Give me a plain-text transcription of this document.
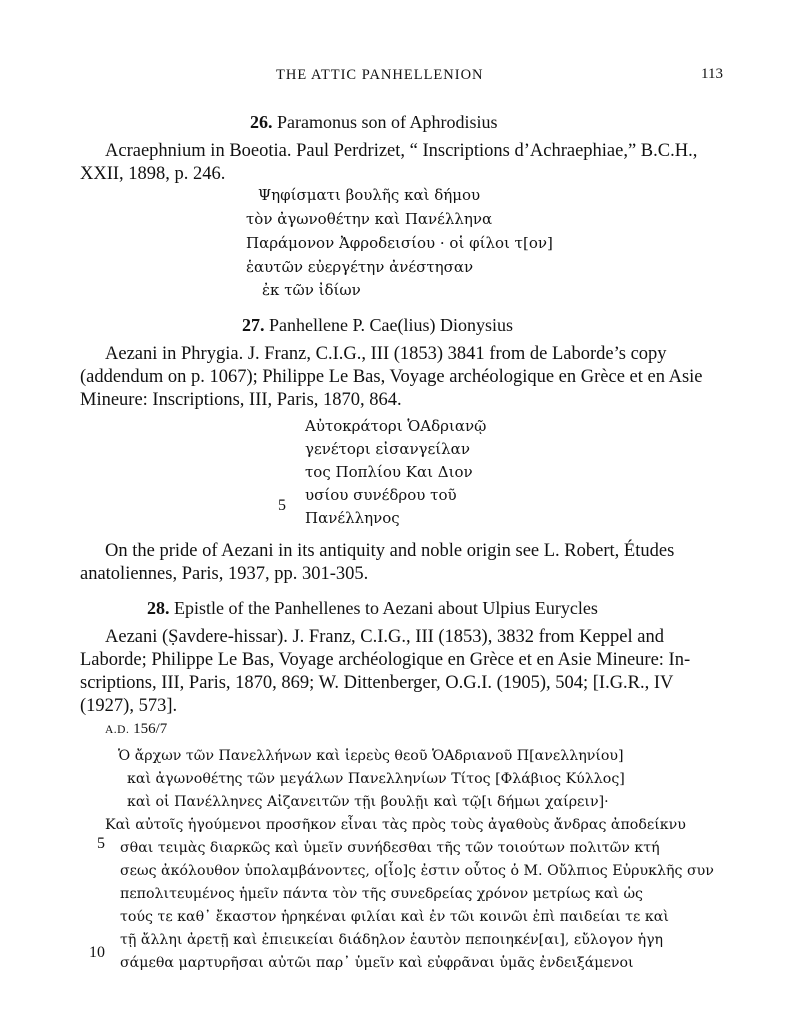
THE ATTIC PANHELLENION	113
26. Paramonus son of Aphrodisius
Acraephnium in Boeotia. Paul Perdrizet, “ Inscriptions d’Achraephiae,” B.C.H.,
XXII, 1898, p. 246.
Ψηφίσματι βουλῆς καὶ δήμου
τὸν ἀγωνοθέτην καὶ Πανέλληνα
Παράμονον Ἀφροδεισίου · οἱ φίλοι τ[ον]
ἑαυτῶν εὐεργέτην ἀνέστησαν
ἐκ τῶν ἰδίων
27. Panhellene P. Cae(lius) Dionysius
Aezani in Phrygia. J. Franz, C.I.G., III (1853) 3841 from de Laborde’s copy
(addendum on p. 1067); Philippe Le Bas, Voyage archéologique en Grèce et en Asie
Mineure: Inscriptions, III, Paris, 1870, 864.
Αὐτοκράτορι ὉΑδριανῷ
γενέτορι εἰσανγείλαν
τος Ποπλίου Και Διον
υσίου συνέδρου τοῦ
5
Πανέλληνος
On the pride of Aezani in its antiquity and noble origin see L. Robert, Études
anatoliennes, Paris, 1937, pp. 301-305.
28. Epistle of the Panhellenes to Aezani about Ulpius Eurycles
Aezani (Ṣavdere-hissar). J. Franz, C.I.G., III (1853), 3832 from Keppel and
Laborde; Philippe Le Bas, Voyage archéologique en Grèce et en Asie Mineure: In-
scriptions, III, Paris, 1870, 869; W. Dittenberger, O.G.I. (1905), 504; [I.G.R., IV
(1927), 573].
A.D. 156/7
Ὁ ἄρχων τῶν Πανελλήνων καὶ ἱερεὺς θεοῦ ὉΑδριανοῦ Π[ανελληνίου]
καὶ ἀγωνοθέτης τῶν μεγάλων Πανελληνίων Τίτος [Φλάβιος Κύλλος]
καὶ οἱ Πανέλληνες Αἰζανειτῶν τῇι βουλῇι καὶ τῷ[ι δήμωι χαίρειν]·
Καὶ αὐτοῖς ἡγούμενοι προσῆκον εἶναι τὰς πρὸς τοὺς ἀγαθοὺς ἄνδρας ἀποδείκνυ
5 σθαι τειμὰς διαρκῶς καὶ ὑμεῖν συνήδεσθαι τῆς τῶν τοιούτων πολιτῶν κτή
σεως ἀκόλουθον ὑπολαμβάνοντες, ο[ἷο]ς ἐστιν οὗτος ὁ Μ. Οὔλπιος Εὐρυκλῆς συν
πεπολιτευμένος ἡμεῖν πάντα τὸν τῆς συνεδρείας χρόνον μετρίως καὶ ὡς
τούς τε καθ᾽ ἔκαστον ἡρηκέναι φιλίαι καὶ ἐν τῶι κοινῶι ἐπὶ παιδείαι τε καὶ
τῇ ἄλληι ἀρετῇ καὶ ἐπιεικείαι διάδηλον ἑαυτὸν πεποιηκέν[αι], εὔλογον ἡγη
10
σάμεθα μαρτυρῆσαι αὐτῶι παρ᾽ ὑμεῖν καὶ εὐφρᾶναι ὑμᾶς ἐνδειξάμενοι
